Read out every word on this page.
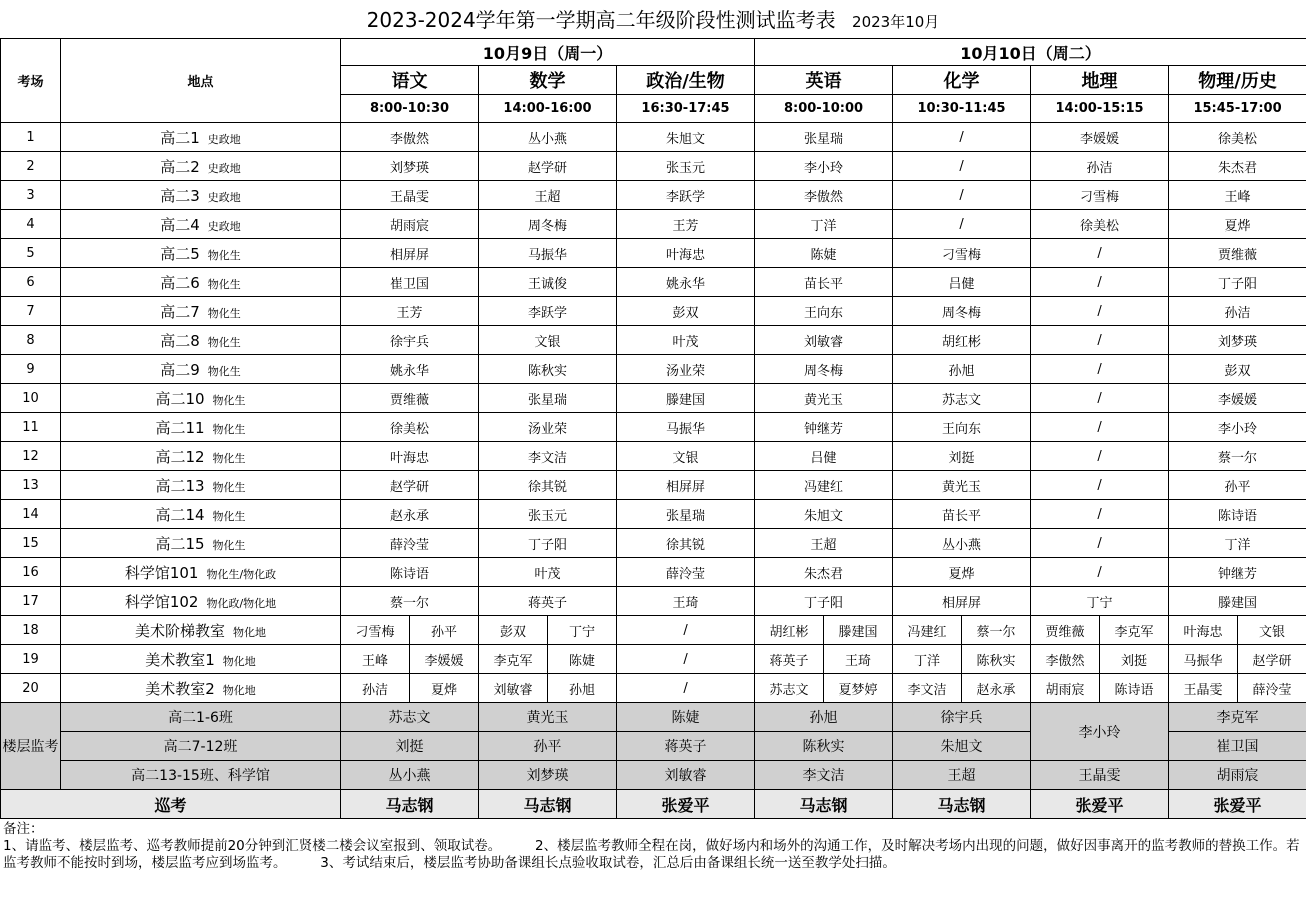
2023-2024学年第一学期高二年级阶段性测试监考表 2023年10月
考场	地点	10月9日（周一）					10月10日（周二）							
		语文		数学		政治/生物	英语		化学		地理		物理/历史	
		8:00-10:30		14:00-16:00		16:30-17:45	8:00-10:00		10:30-11:45		14:00-15:15		15:45-17:00	
1	高二1 史政地	李傲然		丛小燕		朱旭文	张星瑞		/		李媛媛		徐美松	
2	高二2 史政地	刘梦瑛		赵学研		张玉元	李小玲		/		孙洁		朱杰君	
3	高二3 史政地	王晶雯		王超		李跃学	李傲然		/		刁雪梅		王峰	
4	高二4 史政地	胡雨宸		周冬梅		王芳	丁洋		/		徐美松		夏烨	
5	高二5 物化生	相屏屏		马振华		叶海忠	陈婕		刁雪梅		/		贾维薇	
6	高二6 物化生	崔卫国		王诚俊		姚永华	苗长平		吕健		/		丁子阳	
7	高二7 物化生	王芳		李跃学		彭双	王向东		周冬梅		/		孙洁	
8	高二8 物化生	徐宇兵		文银		叶茂	刘敏睿		胡红彬		/		刘梦瑛	
9	高二9 物化生	姚永华		陈秋实		汤业荣	周冬梅		孙旭		/		彭双	
10	高二10 物化生	贾维薇		张星瑞		滕建国	黄光玉		苏志文		/		李媛媛	
11	高二11 物化生	徐美松		汤业荣		马振华	钟继芳		王向东		/		李小玲	
12	高二12 物化生	叶海忠		李文洁		文银	吕健		刘挺		/		蔡一尔	
13	高二13 物化生	赵学研		徐其锐		相屏屏	冯建红		黄光玉		/		孙平	
14	高二14 物化生	赵永承		张玉元		张星瑞	朱旭文		苗长平		/		陈诗语	
15	高二15 物化生	薛泠莹		丁子阳		徐其锐	王超		丛小燕		/		丁洋	
16	科学馆101 物化生/物化政	陈诗语		叶茂		薛泠莹	朱杰君		夏烨		/		钟继芳	
17	科学馆102 物化政/物化地	蔡一尔		蒋英子		王琦	丁子阳		相屏屏		丁宁		滕建国	
18	美术阶梯教室 物化地	刁雪梅	孙平	彭双	丁宁	/	胡红彬	滕建国	冯建红	蔡一尔	贾维薇	李克军	叶海忠	文银
19	美术教室1 物化地	王峰	李媛媛	李克军	陈婕	/	蒋英子	王琦	丁洋	陈秋实	李傲然	刘挺	马振华	赵学研
20	美术教室2 物化地	孙洁	夏烨	刘敏睿	孙旭	/	苏志文	夏梦婷	李文洁	赵永承	胡雨宸	陈诗语	王晶雯	薛泠莹
楼层监考	高二1-6班	苏志文		黄光玉		陈婕	孙旭		徐宇兵		李小玲		李克军	
	高二7-12班	刘挺		孙平		蒋英子	陈秋实		朱旭文				崔卫国	
	高二13-15班、科学馆	丛小燕		刘梦瑛		刘敏睿	李文洁		王超		王晶雯		胡雨宸	
巡考		马志钢		马志钢		张爱平	马志钢		马志钢		张爱平		张爱平	
备注：
1、请监考、楼层监考、巡考教师提前20分钟到汇贤楼二楼会议室报到、领取试卷。　　　2、楼层监考教师全程在岗，做好场内和场外的沟通工作，及时解决考场内出现的问题，做好因事离开的监考教师的替换工作。若监考教师不能按时到场，楼层监考应到场监考。　　　3、考试结束后，楼层监考协助备课组长点验收取试卷，汇总后由备课组长统一送至教学处扫描。
